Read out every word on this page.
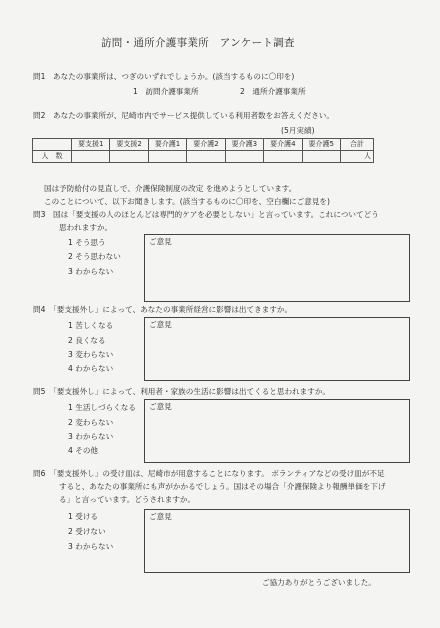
訪問・通所介護事業所　アンケート調査
問1　あなたの事業所は、つぎのいずれでしょうか。(該当するものに〇印を)
1　訪問介護事業所	2　通所介護事業所
問2　あなたの事業所が、尼崎市内でサービス提供している利用者数をお答えください。
(5月実績)
	要支援1	要支援2	要介護1	要介護2	要介護3	要介護4	要介護5	合計
人　数								人
国は予防給付の見直しで、介護保険制度の改定 を進めようとしています。
このことについて、以下お聞きします。(該当するものに〇印を、空白欄にご意見を)
問3　国は「要支援の人のほとんどは専門的ケアを必要としない」と言っています。これについてどう
思われますか。
1 そう思う
2 そう思わない
3 わからない
ご意見
問4　「要支援外し」によって、あなたの事業所経営に影響は出てきますか。
1 苦しくなる
2 良くなる
3 変わらない
4 わからない
ご意見
問5　「要支援外し」によって、利用者・家族の生活に影響は出てくると思われますか。
1 生活しづらくなる
2 変わらない
3 わからない
4 その他
ご意見
問6　「要支援外し」の受け皿は、尼崎市が用意することになります。 ボランティアなどの受け皿が不足
すると、あなたの事業所にも声がかかるでしょう。国はその場合「介護保険より報酬単価を下げ
る」と言っています。どうされますか。
1 受ける
2 受けない
3 わからない
ご意見
ご協力ありがとうございました。
